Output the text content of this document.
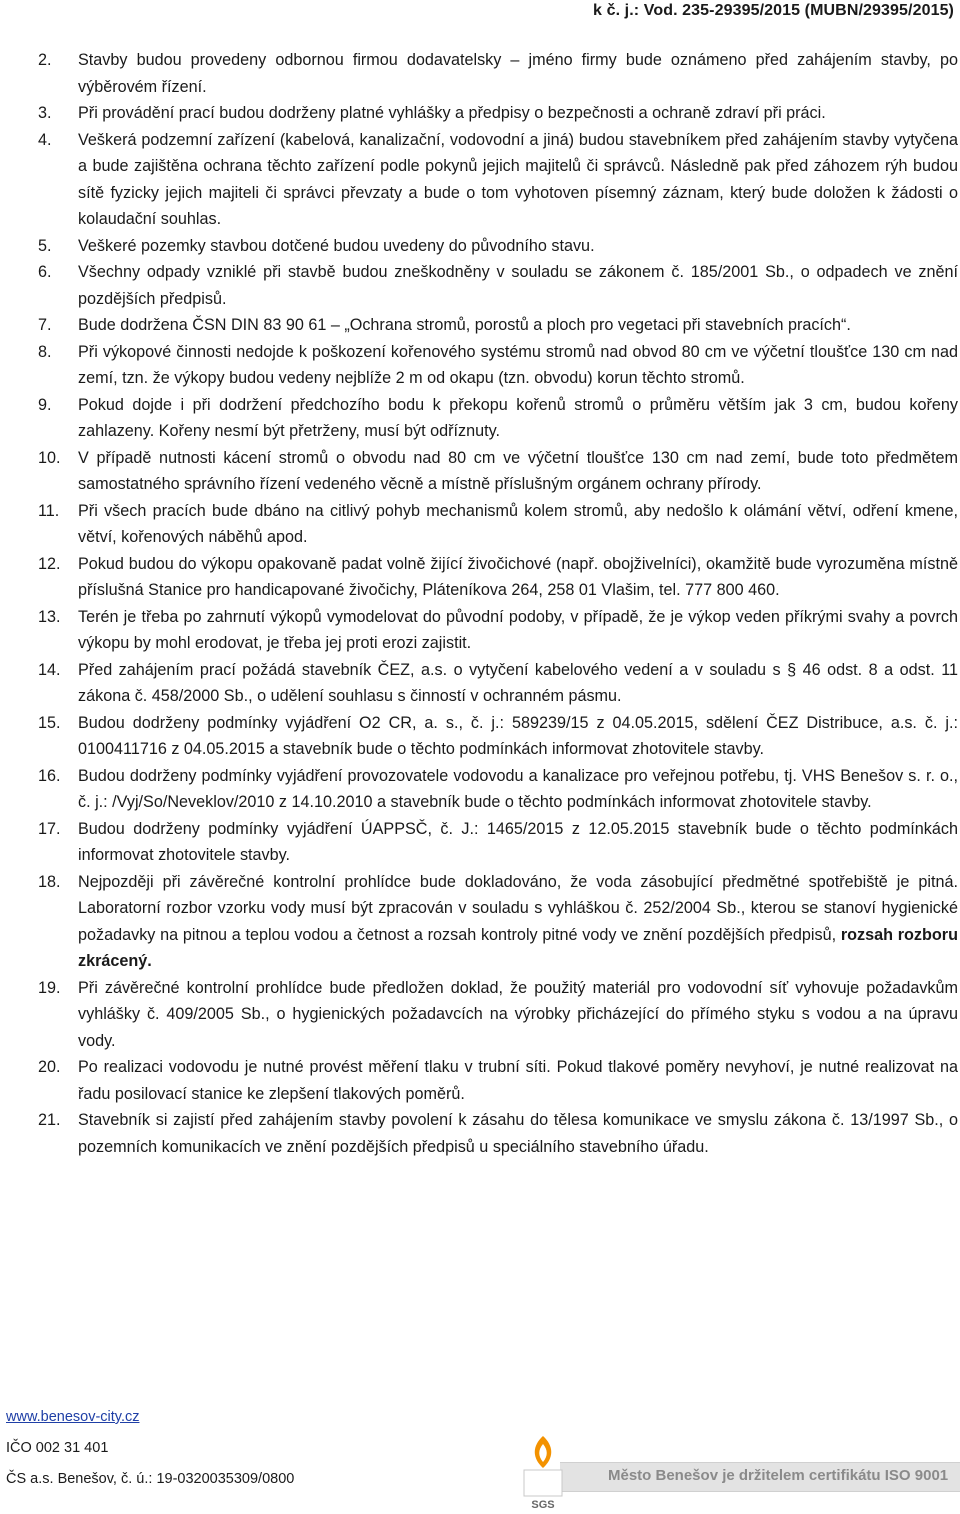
k č. j.: Vod. 235-29395/2015 (MUBN/29395/2015)
2.	Stavby budou provedeny odbornou firmou dodavatelsky – jméno firmy bude oznámeno před zahájením stavby, po výběrovém řízení.
3.	Při provádění prací budou dodrženy platné vyhlášky a předpisy o bezpečnosti a ochraně zdraví při práci.
4.	Veškerá podzemní zařízení (kabelová, kanalizační, vodovodní a jiná) budou stavebníkem před zahájením stavby vytyčena a bude zajištěna ochrana těchto zařízení podle pokynů jejich majitelů či správců. Následně pak před záhozem rýh budou sítě fyzicky jejich majiteli či správci převzaty a bude o tom vyhotoven písemný záznam, který bude doložen k žádosti o kolaudační souhlas.
5.	Veškeré pozemky stavbou dotčené budou uvedeny do původního stavu.
6.	Všechny odpady vzniklé při stavbě budou zneškodněny v souladu se zákonem č. 185/2001 Sb., o odpadech ve znění pozdějších předpisů.
7.	Bude dodržena ČSN DIN 83 90 61 – „Ochrana stromů, porostů a ploch pro vegetaci při stavebních pracích“.
8.	Při výkopové činnosti nedojde k poškození kořenového systému stromů nad obvod 80 cm ve výčetní tloušťce 130 cm nad zemí, tzn. že výkopy budou vedeny nejblíže 2 m od okapu (tzn. obvodu) korun těchto stromů.
9.	Pokud dojde i při dodržení předchozího bodu k překopu kořenů stromů o průměru větším jak 3 cm, budou kořeny zahlazeny. Kořeny nesmí být přetrženy, musí být odříznuty.
10.	V případě nutnosti kácení stromů o obvodu nad 80 cm ve výčetní tloušťce 130 cm nad zemí, bude toto předmětem samostatného správního řízení vedeného věcně a místně příslušným orgánem ochrany přírody.
11.	Při všech pracích bude dbáno na citlivý pohyb mechanismů kolem stromů, aby nedošlo k olámání větví, odření kmene, větví, kořenových náběhů apod.
12.	Pokud budou do výkopu opakovaně padat volně žijící živočichové (např. obojživelníci), okamžitě bude vyrozuměna místně příslušná Stanice pro handicapované živočichy, Pláteníkova 264, 258 01 Vlašim, tel. 777 800 460.
13.	Terén je třeba po zahrnutí výkopů vymodelovat do původní podoby, v případě, že je výkop veden příkrými svahy a povrch výkopu by mohl erodovat, je třeba jej proti erozi zajistit.
14.	Před zahájením prací požádá stavebník ČEZ, a.s. o vytyčení kabelového vedení a v souladu s § 46 odst. 8 a odst. 11 zákona č. 458/2000 Sb., o udělení souhlasu s činností v ochranném pásmu.
15.	Budou dodrženy podmínky vyjádření O2 CR, a. s., č. j.: 589239/15 z 04.05.2015, sdělení ČEZ Distribuce, a.s. č. j.: 0100411716 z 04.05.2015 a stavebník bude o těchto podmínkách informovat zhotovitele stavby.
16.	Budou dodrženy podmínky vyjádření provozovatele vodovodu a kanalizace pro veřejnou potřebu, tj. VHS Benešov s. r. o., č. j.: /Vyj/So/Neveklov/2010 z 14.10.2010 a stavebník bude o těchto podmínkách informovat zhotovitele stavby.
17.	Budou dodrženy podmínky vyjádření ÚAPPSČ, č. J.: 1465/2015 z 12.05.2015 stavebník bude o těchto podmínkách informovat zhotovitele stavby.
18.	Nejpozději při závěrečné kontrolní prohlídce bude dokladováno, že voda zásobující předmětné spotřebiště je pitná. Laboratorní rozbor vzorku vody musí být zpracován v souladu s vyhláškou č. 252/2004 Sb., kterou se stanoví hygienické požadavky na pitnou a teplou vodou a četnost a rozsah kontroly pitné vody ve znění pozdějších předpisů, rozsah rozboru zkrácený.
19.	Při závěrečné kontrolní prohlídce bude předložen doklad, že použitý materiál pro vodovodní síť vyhovuje požadavkům vyhlášky č. 409/2005 Sb., o hygienických požadavcích na výrobky přicházející do přímého styku s vodou a na úpravu vody.
20.	Po realizaci vodovodu je nutné provést měření tlaku v trubní síti. Pokud tlakové poměry nevyhoví, je nutné realizovat na řadu posilovací stanice ke zlepšení tlakových poměrů.
21.	Stavebník si zajistí před zahájením stavby povolení k zásahu do tělesa komunikace ve smyslu zákona č. 13/1997 Sb., o pozemních komunikacích ve znění pozdějších předpisů u speciálního stavebního úřadu.
www.benesov-city.cz
IČO 002 31 401
ČS a.s. Benešov, č. ú.: 19-0320035309/0800	Město Benešov je držitelem certifikátu ISO 9001
SGS
